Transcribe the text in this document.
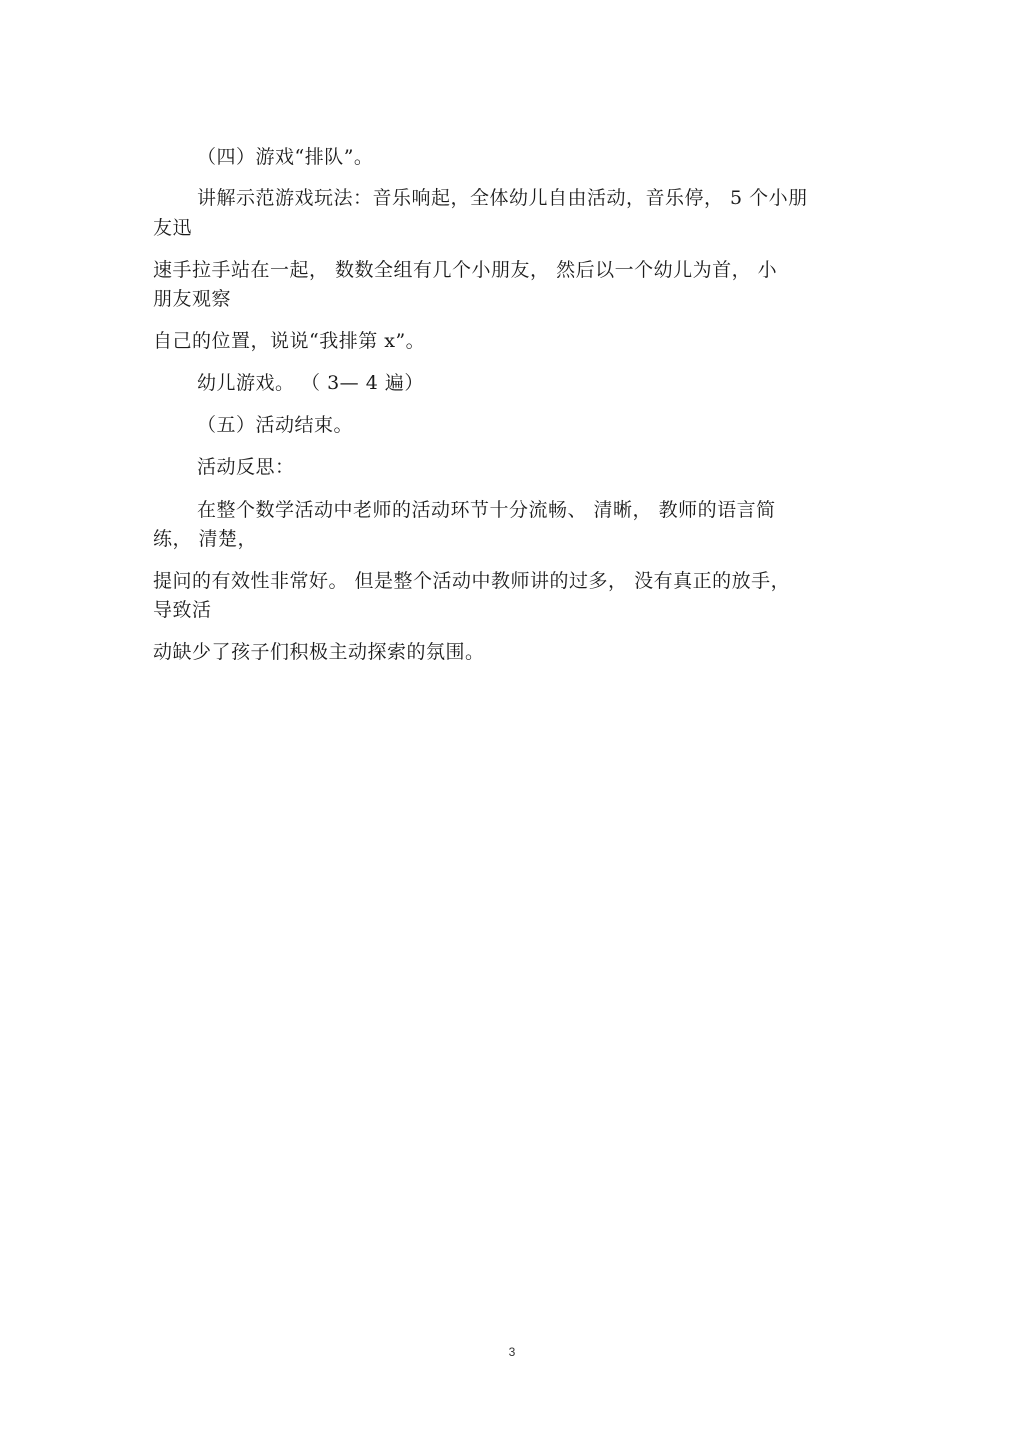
（四）游戏“排队”。
讲解示范游戏玩法：音乐响起，全体幼儿自由活动，音乐停， 5 个小朋
友迅
速手拉手站在一起， 数数全组有几个小朋友， 然后以一个幼儿为首， 小
朋友观察
自己的位置，说说“我排第 x”。
幼儿游戏。 （ 3— 4 遍）
（五）活动结束。
活动反思：
在整个数学活动中老师的活动环节十分流畅、 清晰， 教师的语言简
练， 清楚，
提问的有效性非常好。 但是整个活动中教师讲的过多， 没有真正的放手，
导致活
动缺少了孩子们积极主动探索的氛围。
3
